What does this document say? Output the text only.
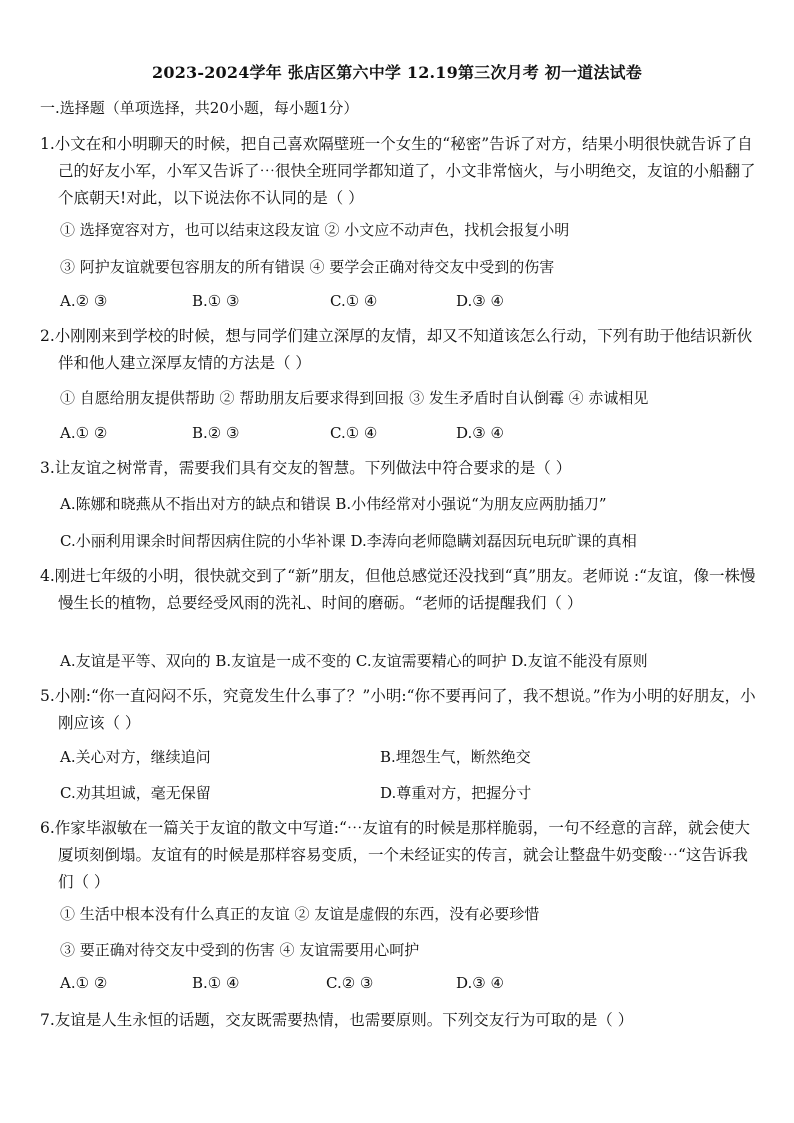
2023-2024学年 张店区第六中学 12.19第三次月考 初一道法试卷
一.选择题（单项选择，共20小题，每小题1分）
1.小文在和小明聊天的时候，把自己喜欢隔壁班一个女生的“秘密”告诉了对方，结果小明很快就告诉了自己的好友小军，小军又告诉了⋯很快全班同学都知道了，小文非常恼火，与小明绝交，友谊的小船翻了个底朝天!对此，以下说法你不认同的是（ ）
① 选择宽容对方，也可以结束这段友谊 ② 小文应不动声色，找机会报复小明
③ 阿护友谊就要包容朋友的所有错误 ④ 要学会正确对待交友中受到的伤害
A.② ③	B.① ③	C.① ④	D.③ ④
2.小刚刚来到学校的时候，想与同学们建立深厚的友情，却又不知道该怎么行动，下列有助于他结识新伙伴和他人建立深厚友情的方法是（ ）
① 自愿给朋友提供帮助 ② 帮助朋友后要求得到回报 ③ 发生矛盾时自认倒霉 ④ 赤诚相见
A.① ②	B.② ③	C.① ④	D.③ ④
3.让友谊之树常青，需要我们具有交友的智慧。下列做法中符合要求的是（ ）
A.陈娜和晓燕从不指出对方的缺点和错误 B.小伟经常对小强说“为朋友应两肋插刀”
C.小丽利用课余时间帮因病住院的小华补课 D.李涛向老师隐瞒刘磊因玩电玩旷课的真相
4.刚进七年级的小明，很快就交到了“新”朋友，但他总感觉还没找到“真”朋友。老师说 :“友谊，像一株慢慢生长的植物，总要经受风雨的洗礼、时间的磨砺。“老师的话提醒我们（ ）
A.友谊是平等、双向的 B.友谊是一成不变的 C.友谊需要精心的呵护 D.友谊不能没有原则
5.小刚:“你一直闷闷不乐，究竟发生什么事了？”小明:“你不要再问了，我不想说。”作为小明的好朋友，小刚应该（ ）
A.关心对方，继续追问	B.埋怨生气，断然绝交
C.劝其坦诚，毫无保留	D.尊重对方，把握分寸
6.作家毕淑敏在一篇关于友谊的散文中写道:“⋯友谊有的时候是那样脆弱，一句不经意的言辞，就会使大厦顷刻倒塌。友谊有的时候是那样容易变质，一个未经证实的传言，就会让整盘牛奶变酸⋯“这告诉我们（ ）
① 生活中根本没有什么真正的友谊 ② 友谊是虚假的东西，没有必要珍惜
③ 要正确对待交友中受到的伤害 ④ 友谊需要用心呵护
A.① ②	B.① ④	C.② ③	D.③ ④
7.友谊是人生永恒的话题，交友既需要热情，也需要原则。下列交友行为可取的是（ ）
